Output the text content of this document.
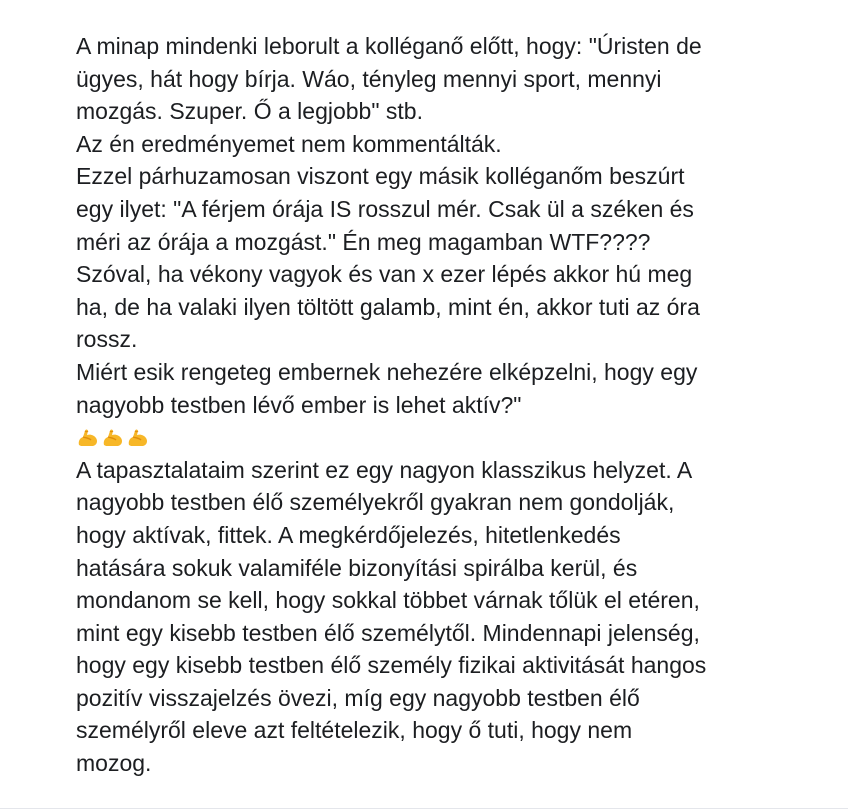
A minap mindenki leborult a kolléganő előtt, hogy: "Úristen de
ügyes, hát hogy bírja. Wáo, tényleg mennyi sport, mennyi
mozgás. Szuper. Ő a legjobb" stb.
Az én eredményemet nem kommentálták.
Ezzel párhuzamosan viszont egy másik kolléganőm beszúrt
egy ilyet: "A férjem órája IS rosszul mér. Csak ül a széken és
méri az órája a mozgást." Én meg magamban WTF????
Szóval, ha vékony vagyok és van x ezer lépés akkor hú meg
ha, de ha valaki ilyen töltött galamb, mint én, akkor tuti az óra
rossz.
Miért esik rengeteg embernek nehezére elképzelni, hogy egy
nagyobb testben lévő ember is lehet aktív?"
A tapasztalataim szerint ez egy nagyon klasszikus helyzet. A
nagyobb testben élő személyekről gyakran nem gondolják,
hogy aktívak, fittek. A megkérdőjelezés, hitetlenkedés
hatására sokuk valamiféle bizonyítási spirálba kerül, és
mondanom se kell, hogy sokkal többet várnak tőlük el etéren,
mint egy kisebb testben élő személytől. Mindennapi jelenség,
hogy egy kisebb testben élő személy fizikai aktivitását hangos
pozitív visszajelzés övezi, míg egy nagyobb testben élő
személyről eleve azt feltételezik, hogy ő tuti, hogy nem
mozog.
